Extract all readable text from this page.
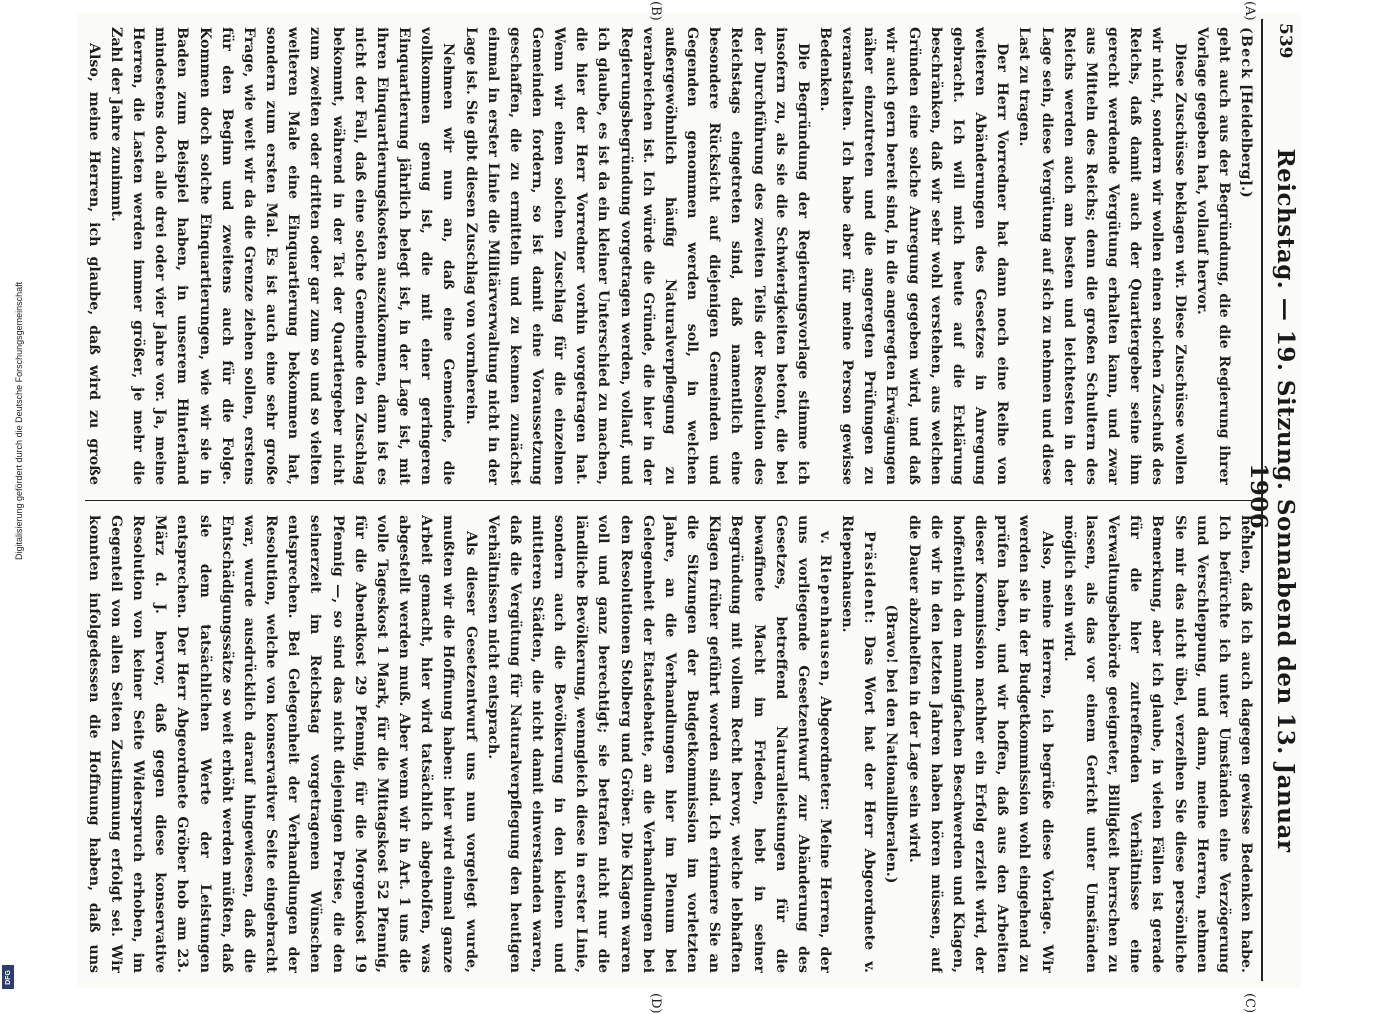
Digitalisierung gefördert durch die Deutsche Forschungsgemeinschaft
DFG
539
Reichstag. — 19. Sitzung. Sonnabend den 13. Januar 1906.
(A)
(B)
(C)
(D)

(Beck [Heidelberg].)

geht auch aus der Begründung, die die Regierung ihrer Vorlage gegeben hat, vollauf hervor.

Diese Zuschüsse beklagen wir. Diese Zuschüsse wollen wir nicht, sondern wir wollen einen solchen Zuschuß des Reichs, daß damit auch der Quartiergeber seine ihm gerecht werdende Vergütung erhalten kann, und zwar aus Mitteln des Reichs; denn die großen Schultern des Reichs werden auch am besten und leichtesten in der Lage sein, diese Vergütung auf sich zu nehmen und diese Last zu tragen.

Der Herr Vorredner hat dann noch eine Reihe von weiteren Abänderungen des Gesetzes in Anregung gebracht. Ich will mich heute auf die Erklärung beschränken, daß wir sehr wohl verstehen, aus welchen Gründen eine solche Anregung gegeben wird, und daß wir auch gern bereit sind, in die angeregten Erwägungen näher einzutreten und die angeregten Prüfungen zu veranstalten. Ich habe aber für meine Person gewisse Bedenken.

Die Begründung der Regierungsvorlage stimme ich insofern zu, als sie die Schwierigkeiten betont, die bei der Durchführung des zweiten Teils der Resolution des Reichstags eingetreten sind, daß namentlich eine besondere Rücksicht auf diejenigen Gemeinden und Gegenden genommen werden soll, in welchen außergewöhnlich häufig Naturalverpflegung zu verabreichen ist. Ich würde die Gründe, die hier in der Regierungsbegründung vorgetragen werden, vollauf, und ich glaube, es ist da ein kleiner Unterschied zu machen, die hier der Herr Vorredner vorhin vorgetragen hat. Wenn wir einen solchen Zuschlag für die einzelnen Gemeinden fordern, so ist damit eine Voraussetzung geschaffen, die zu ermitteln und zu kennen zunächst einmal in erster Linie die Militärverwaltung nicht in der Lage ist. Sie gibt diesen Zuschlag von vornherein.

Nehmen wir nun an, daß eine Gemeinde, die vollkommen genug ist, die mit einer geringeren Einquartierung jährlich belegt ist, in der Lage ist, mit ihren Einquartierungskosten auszukommen, dann ist es nicht der Fall, daß eine solche Gemeinde den Zuschlag bekommt, während in der Tat der Quartiergeber nicht zum zweiten oder dritten oder gar zum so und so vielten weiteren Male eine Einquartierung bekommen hat, sondern zum ersten Mal. Es ist auch eine sehr große Frage, wie weit wir da die Grenze ziehen sollen, erstens für den Beginn und zweitens auch für die Folge. Kommen doch solche Einquartierungen, wie wir sie in Baden zum Beispiel haben, in unserem Hinterland mindestens doch alle drei oder vier Jahre vor. Ja, meine Herren, die Lasten werden immer größer, je mehr die Zahl der Jahre zunimmt.

Also, meine Herren, ich glaube, daß wird zu große

hehlen, daß ich auch dagegen gewisse Bedenken habe. Ich befürchte ich unter Umständen eine Verzögerung und Verschleppung, und dann, meine Herren, nehmen Sie mir das nicht übel, verzeihen Sie diese persönliche Bemerkung, aber ich glaube, in vielen Fällen ist gerade für die hier zutreffenden Verhältnisse eine Verwaltungsbehörde geeigneter, Billigkeit herrschen zu lassen, als das vor einem Gericht unter Umständen möglich sein wird.

Also, meine Herren, ich begrüße diese Vorlage. Wir werden sie in der Budgetkommission wohl eingehend zu prüfen haben, und wir hoffen, daß aus den Arbeiten dieser Kommission nachher ein Erfolg erzielt wird, der hoffentlich den mannigfachen Beschwerden und Klagen, die wir in den letzten Jahren haben hören müssen, auf die Dauer abzuhelfen in der Lage sein wird.

(Bravo! bei den Nationalliberalen.)

Präsident: Das Wort hat der Herr Abgeordnete v. Riepenhausen.

v. Riepenhausen, Abgeordneter: Meine Herren, der uns vorliegende Gesetzentwurf zur Abänderung des Gesetzes, betreffend Naturalleistungen für die bewaffnete Macht im Frieden, hebt in seiner Begründung mit vollem Recht hervor, welche lebhaften Klagen früher geführt worden sind. Ich erinnere Sie an die Sitzungen der Budgetkommission im vorletzten Jahre, an die Verhandlungen hier im Plenum bei Gelegenheit der Etatsdebatte, an die Verhandlungen bei den Resolutionen Stolberg und Gröber. Die Klagen waren voll und ganz berechtigt; sie betrafen nicht nur die ländliche Bevölkerung, wenngleich diese in erster Linie, sondern auch die Bevölkerung in den kleinen und mittleren Städten, die nicht damit einverstanden waren, daß die Vergütung für Naturalverpflegung den heutigen Verhältnissen nicht entsprach.

Als dieser Gesetzentwurf uns nun vorgelegt wurde, mußten wir die Hoffnung haben: hier wird einmal ganze Arbeit gemacht, hier wird tatsächlich abgeholfen, was abgestellt werden muß. Aber wenn wir in Art. 1 uns die volle Tageskost 1 Mark, für die Mittagskost 52 Pfennig, für die Abendkost 29 Pfennig, für die Morgenkost 19 Pfennig —, so sind das nicht diejenigen Preise, die den seinerzeit im Reichstag vorgetragenen Wünschen entsprechen. Bei Gelegenheit der Verhandlungen der Resolution, welche von konservativer Seite eingebracht war, wurde ausdrücklich darauf hingewiesen, daß die Entschädigungssätze so weit erhöht werden müßten, daß sie dem tatsächlichen Werte der Leistungen entsprechen. Der Herr Abgeordnete Gröber hob am 23. März d. J. hervor, daß gegen diese konservative Resolution von keiner Seite Widerspruch erhoben, im Gegenteil von allen Seiten Zustimmung erfolgt sei. Wir konnten infolgedessen die Hoffnung haben, daß uns
